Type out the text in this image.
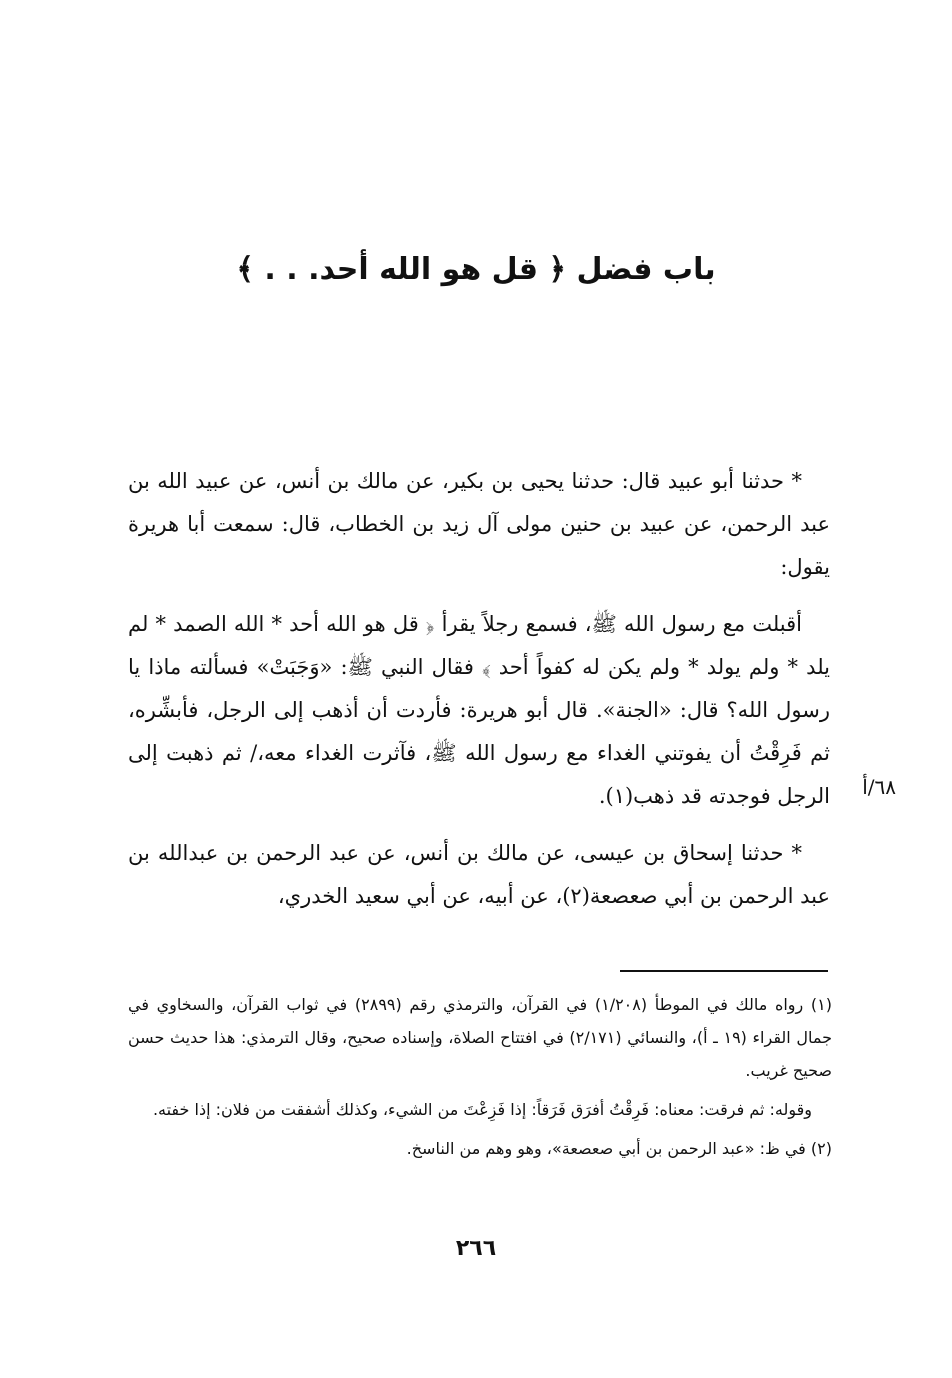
باب فضل ﴿ قل هو الله أحد. . . ﴾

* حدثنا أبو عبيد قال: حدثنا يحيى بن بكير، عن مالك بن أنس، عن عبيد الله بن عبد الرحمن، عن عبيد بن حنين مولى آل زيد بن الخطاب، قال: سمعت أبا هريرة يقول:

أقبلت مع رسول الله ﷺ، فسمع رجلاً يقرأ ﴿ قل هو الله أحد * الله الصمد * لم يلد * ولم يولد * ولم يكن له كفواً أحد ﴾ فقال النبي ﷺ: «وَجَبَتْ» فسألته ماذا يا رسول الله؟ قال: «الجنة». قال أبو هريرة: فأردت أن أذهب إلى الرجل، فأبشِّره، ثم فَرِقْتُ أن يفوتني الغداء مع رسول الله ﷺ، فآثرت الغداء معه،/ ثم ذهبت إلى الرجل فوجدته قد ذهب(١).

* حدثنا إسحاق بن عيسى، عن مالك بن أنس، عن عبد الرحمن بن عبدالله بن عبد الرحمن بن أبي صعصعة(٢)، عن أبيه، عن أبي سعيد الخدري،

٦٨/أ

(١) رواه مالك في الموطأ (١/٢٠٨) في القرآن، والترمذي رقم (٢٨٩٩) في ثواب القرآن، والسخاوي في جمال القراء (١٩ ـ أ)، والنسائي (٢/١٧١) في افتتاح الصلاة، وإسناده صحيح، وقال الترمذي: هذا حديث حسن صحيح غريب.

وقوله: ثم فرقت: معناه: فَرِقْتُ أفرَق فَرَقاً: إذا فَزِعْتَ من الشيء، وكذلك أشفقت من فلان: إذا خفته.

(٢) في ظ: «عبد الرحمن بن أبي صعصعة»، وهو وهم من الناسخ.

٢٦٦
